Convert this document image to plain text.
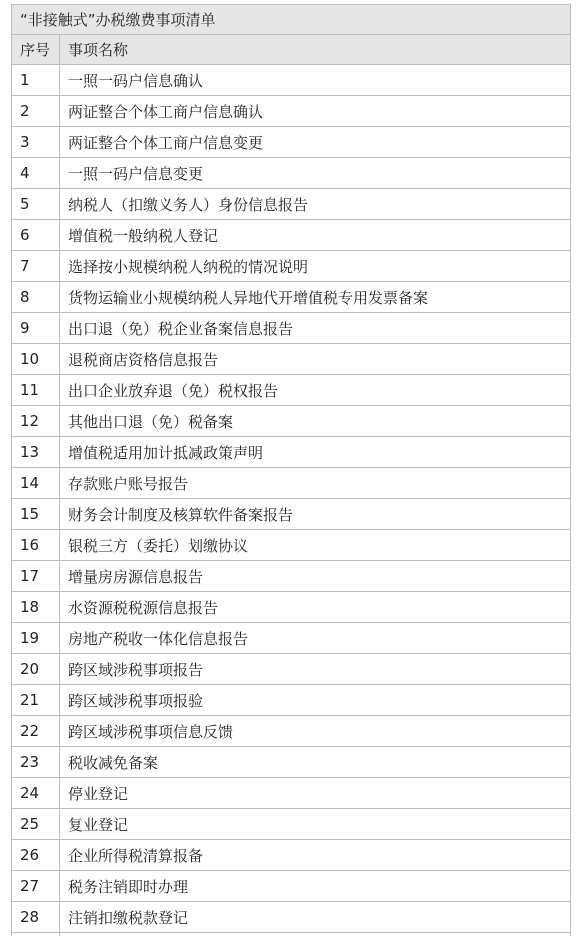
“非接触式”办税缴费事项清单	
序号	事项名称
1	一照一码户信息确认
2	两证整合个体工商户信息确认
3	两证整合个体工商户信息变更
4	一照一码户信息变更
5	纳税人（扣缴义务人）身份信息报告
6	增值税一般纳税人登记
7	选择按小规模纳税人纳税的情况说明
8	货物运输业小规模纳税人异地代开增值税专用发票备案
9	出口退（免）税企业备案信息报告
10	退税商店资格信息报告
11	出口企业放弃退（免）税权报告
12	其他出口退（免）税备案
13	增值税适用加计抵减政策声明
14	存款账户账号报告
15	财务会计制度及核算软件备案报告
16	银税三方（委托）划缴协议
17	增量房房源信息报告
18	水资源税税源信息报告
19	房地产税收一体化信息报告
20	跨区域涉税事项报告
21	跨区域涉税事项报验
22	跨区域涉税事项信息反馈
23	税收减免备案
24	停业登记
25	复业登记
26	企业所得税清算报备
27	税务注销即时办理
28	注销扣缴税款登记
